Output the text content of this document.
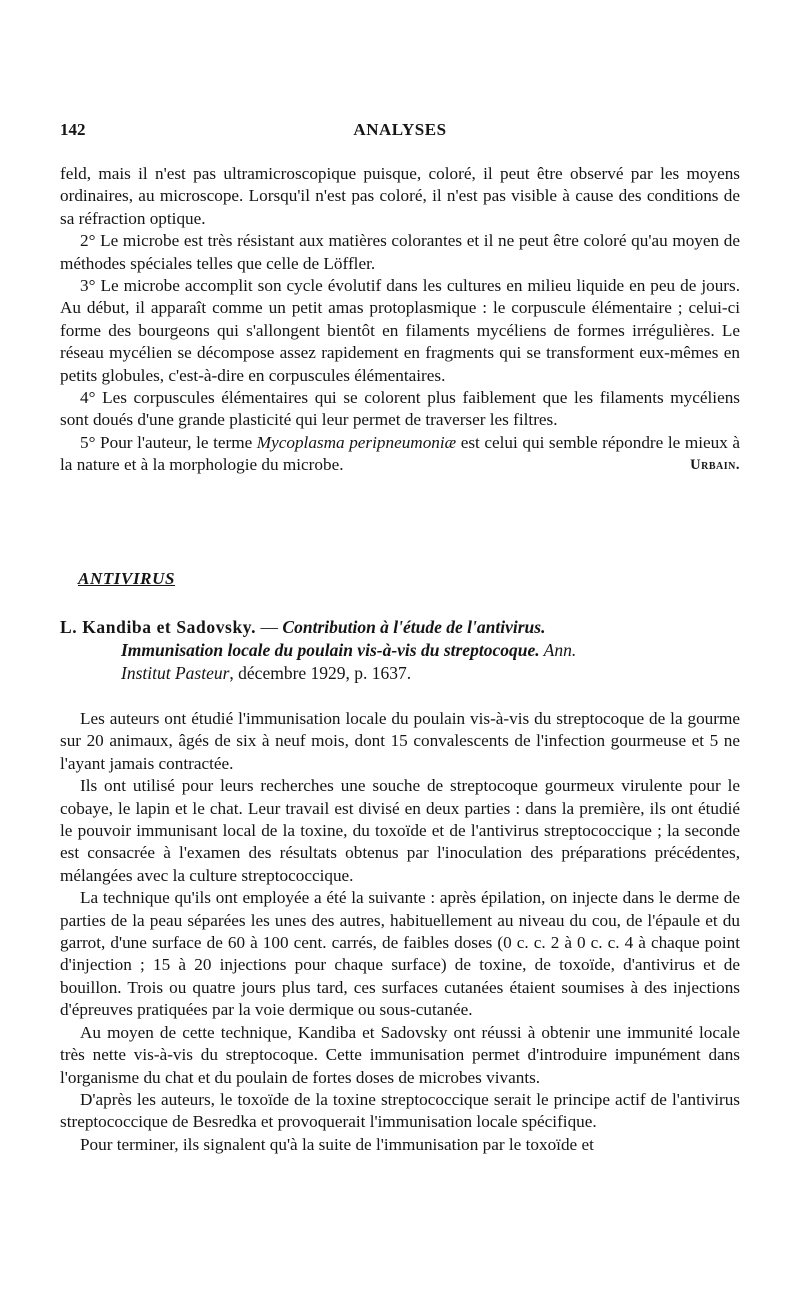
142	ANALYSES

feld, mais il n'est pas ultramicroscopique puisque, coloré, il peut être observé par les moyens ordinaires, au microscope. Lorsqu'il n'est pas coloré, il n'est pas visible à cause des conditions de sa réfraction optique.

2° Le microbe est très résistant aux matières colorantes et il ne peut être coloré qu'au moyen de méthodes spéciales telles que celle de Löffler.

3° Le microbe accomplit son cycle évolutif dans les cultures en milieu liquide en peu de jours. Au début, il apparaît comme un petit amas protoplasmique : le corpuscule élémentaire ; celui-ci forme des bourgeons qui s'allongent bientôt en filaments mycéliens de formes irrégulières. Le réseau mycélien se décompose assez rapidement en fragments qui se transforment eux-mêmes en petits globules, c'est-à-dire en corpuscules élémentaires.

4° Les corpuscules élémentaires qui se colorent plus faiblement que les filaments mycéliens sont doués d'une grande plasticité qui leur permet de traverser les filtres.

5° Pour l'auteur, le terme Mycoplasma peripneumoniæ est celui qui semble répondre le mieux à la nature et à la morphologie du microbe.	Urbain.

ANTIVIRUS
L. Kandiba et Sadovsky. — Contribution à l'étude de l'antivirus.
Immunisation locale du poulain vis-à-vis du streptocoque. Ann.
Institut Pasteur, décembre 1929, p. 1637.

Les auteurs ont étudié l'immunisation locale du poulain vis-à-vis du streptocoque de la gourme sur 20 animaux, âgés de six à neuf mois, dont 15 convalescents de l'infection gourmeuse et 5 ne l'ayant jamais contractée.

Ils ont utilisé pour leurs recherches une souche de streptocoque gourmeux virulente pour le cobaye, le lapin et le chat. Leur travail est divisé en deux parties : dans la première, ils ont étudié le pouvoir immunisant local de la toxine, du toxoïde et de l'antivirus streptococcique ; la seconde est consacrée à l'examen des résultats obtenus par l'inoculation des préparations précédentes, mélangées avec la culture streptococcique.

La technique qu'ils ont employée a été la suivante : après épilation, on injecte dans le derme de parties de la peau séparées les unes des autres, habituellement au niveau du cou, de l'épaule et du garrot, d'une surface de 60 à 100 cent. carrés, de faibles doses (0 c. c. 2 à 0 c. c. 4 à chaque point d'injection ; 15 à 20 injections pour chaque surface) de toxine, de toxoïde, d'antivirus et de bouillon. Trois ou quatre jours plus tard, ces surfaces cutanées étaient soumises à des injections d'épreuves pratiquées par la voie dermique ou sous-cutanée.

Au moyen de cette technique, Kandiba et Sadovsky ont réussi à obtenir une immunité locale très nette vis-à-vis du streptocoque. Cette immunisation permet d'introduire impunément dans l'organisme du chat et du poulain de fortes doses de microbes vivants.

D'après les auteurs, le toxoïde de la toxine streptococcique serait le principe actif de l'antivirus streptococcique de Besredka et provoquerait l'immunisation locale spécifique.

Pour terminer, ils signalent qu'à la suite de l'immunisation par le toxoïde et
